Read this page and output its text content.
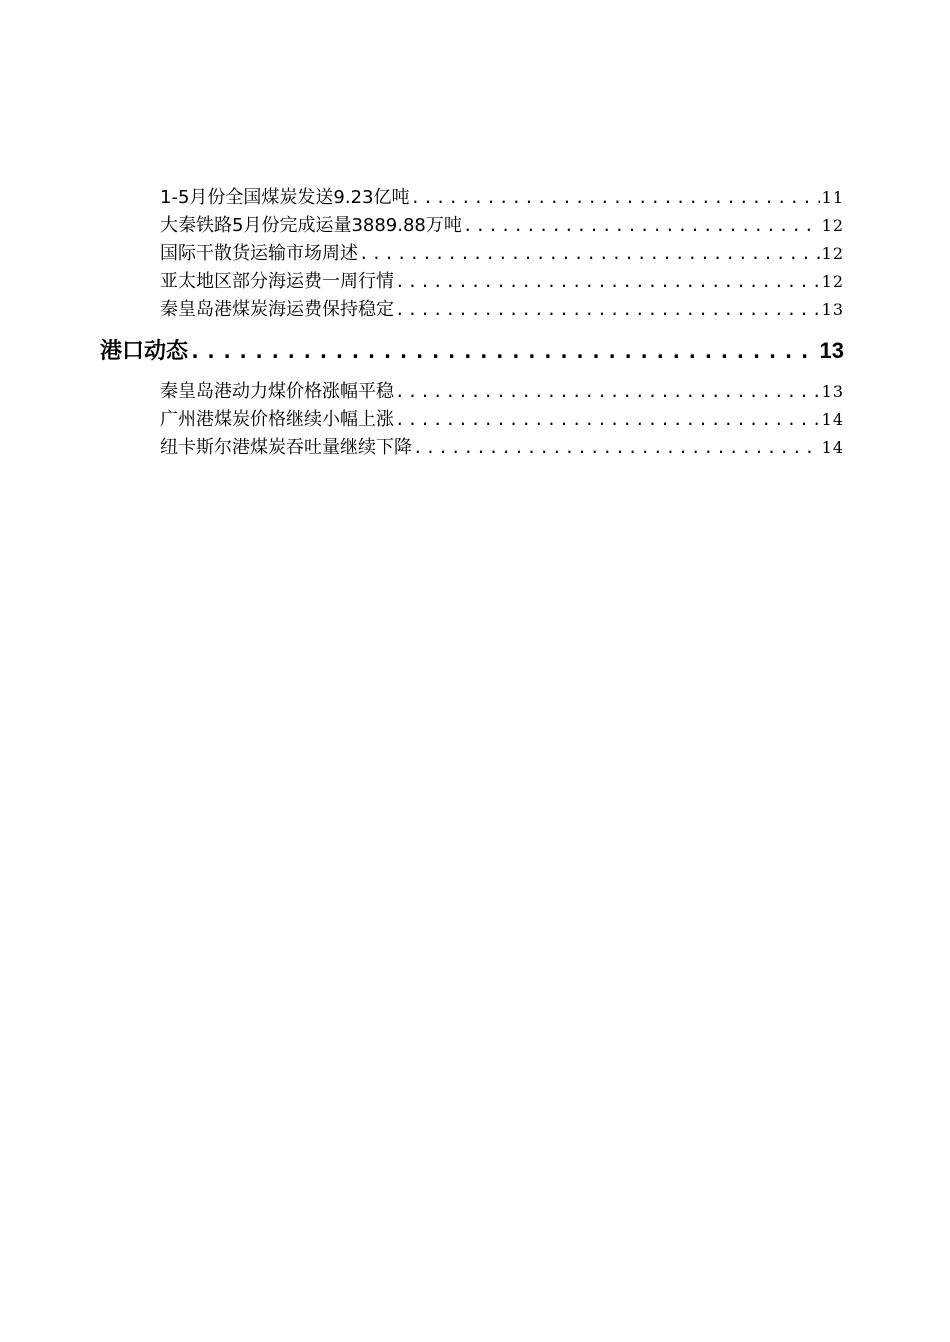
1-5月份全国煤炭发送9.23亿吨 .....	11
大秦铁路5月份完成运量3889.88万吨 .....	12
国际干散货运输市场周述 .....	12
亚太地区部分海运费一周行情 .....	12
秦皇岛港煤炭海运费保持稳定 .....	13
港口动态 .....	13
秦皇岛港动力煤价格涨幅平稳 .....	13
广州港煤炭价格继续小幅上涨 .....	14
纽卡斯尔港煤炭吞吐量继续下降 .....	14
